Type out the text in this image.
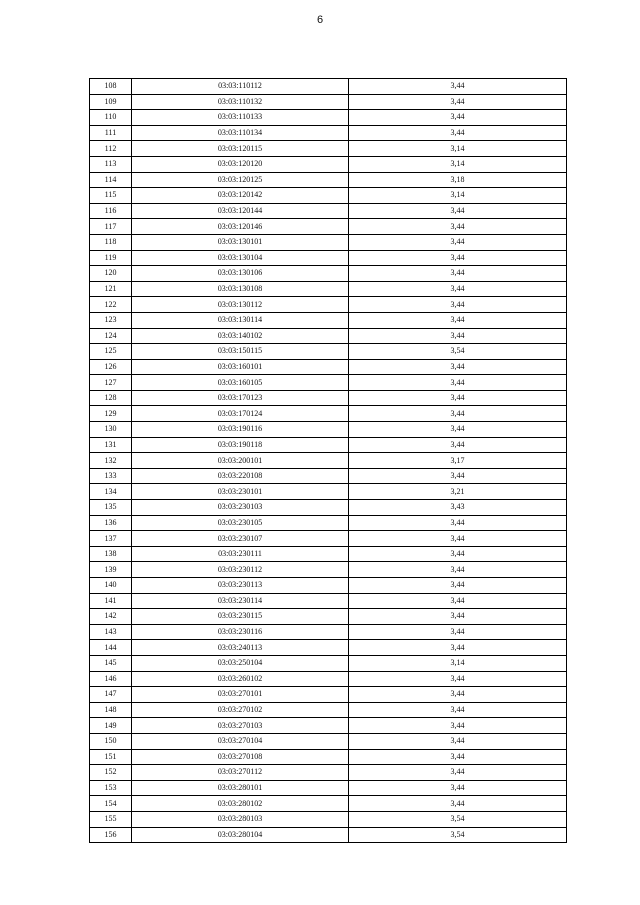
6
108	03:03:110112	3,44
109	03:03:110132	3,44
110	03:03:110133	3,44
111	03:03:110134	3,44
112	03:03:120115	3,14
113	03:03:120120	3,14
114	03:03:120125	3,18
115	03:03:120142	3,14
116	03:03:120144	3,44
117	03:03:120146	3,44
118	03:03:130101	3,44
119	03:03:130104	3,44
120	03:03:130106	3,44
121	03:03:130108	3,44
122	03:03:130112	3,44
123	03:03:130114	3,44
124	03:03:140102	3,44
125	03:03:150115	3,54
126	03:03:160101	3,44
127	03:03:160105	3,44
128	03:03:170123	3,44
129	03:03:170124	3,44
130	03:03:190116	3,44
131	03:03:190118	3,44
132	03:03:200101	3,17
133	03:03:220108	3,44
134	03:03:230101	3,21
135	03:03:230103	3,43
136	03:03:230105	3,44
137	03:03:230107	3,44
138	03:03:230111	3,44
139	03:03:230112	3,44
140	03:03:230113	3,44
141	03:03:230114	3,44
142	03:03:230115	3,44
143	03:03:230116	3,44
144	03:03:240113	3,44
145	03:03:250104	3,14
146	03:03:260102	3,44
147	03:03:270101	3,44
148	03:03:270102	3,44
149	03:03:270103	3,44
150	03:03:270104	3,44
151	03:03:270108	3,44
152	03:03:270112	3,44
153	03:03:280101	3,44
154	03:03:280102	3,44
155	03:03:280103	3,54
156	03:03:280104	3,54
